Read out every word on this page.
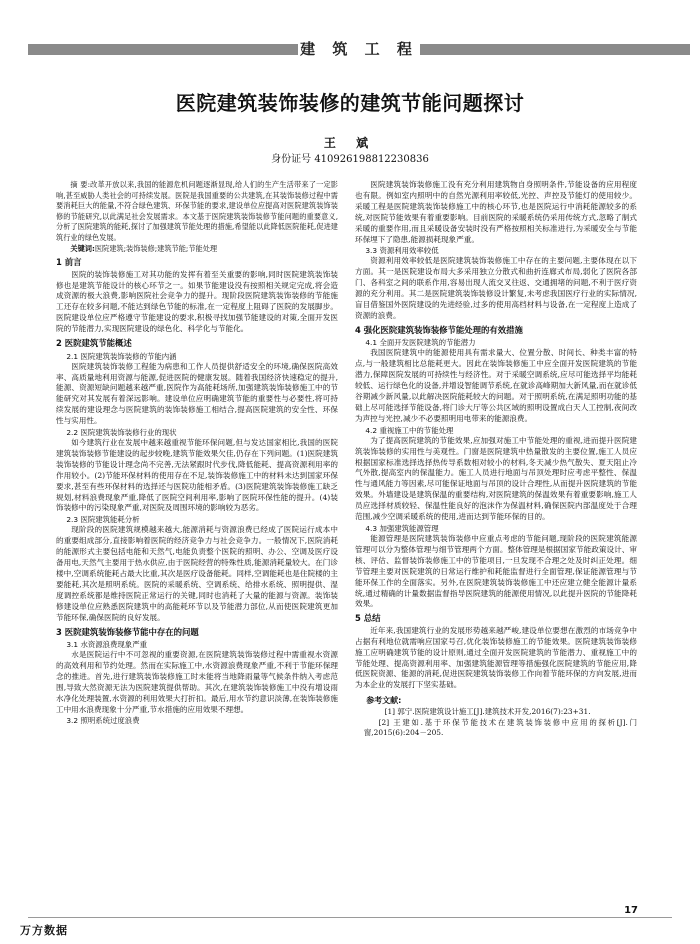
建 筑 工 程
医院建筑装饰装修的建筑节能问题探讨
王 斌
身份证号 410926198812230836

摘 要:改革开放以来,我国的能源危机问题逐渐显现,给人们的生产生活带来了一定影响,甚至威胁人类社会的可持续发展。医院是我国重要的公共建筑,在其装饰装修过程中需要消耗巨大的能量,不符合绿色建筑、环保节能的要求,建设单位应提高对医院建筑装饰装修的节能研究,以此满足社会发展需求。本文基于医院建筑装饰装修节能问题的重要意义,分析了医院建筑的能耗,探讨了加强建筑节能处理的措施,希望能以此降低医院能耗,促进建筑行业的绿色发展。

关键词:医院建筑;装饰装修;建筑节能;节能处理

1 前言

医院的装饰装修施工对其功能的发挥有着至关重要的影响,同时医院建筑装饰装修也是建筑节能设计的核心环节之一。如果节能建设没有按照相关规定完成,将会造成资源的极大浪费,影响医院社会竞争力的提升。现阶段医院建筑装饰装修的节能施工还存在较多问题,不能达到绿色节能的标准,在一定程度上阻碍了医院的发展脚步。医院建设单位应严格遵守节能建设的要求,积极寻找加强节能建设的对策,全面开发医院的节能潜力,实现医院建设的绿色化、科学化与节能化。

2 医院建筑节能概述
2.1 医院建筑装饰装修的节能内涵

医院建筑装饰装修工程能为病患和工作人员提供舒适安全的环境,确保医院高效率、高质量地利用资源与能源,促进医院的健康发展。随着我国经济快速稳定的提升,能源、资源短缺问题越来越严重,医院作为高能耗场所,加强建筑装饰装修施工中的节能研究对其发展有着深远影响。建设单位应明确建筑节能的重要性与必要性,将可持续发展的建设理念与医院建筑的装饰装修施工相结合,提高医院建筑的安全性、环保性与实用性。

2.2 医院建筑装饰装修行业的现状

如今建筑行业在发展中越来越重视节能环保问题,但与发达国家相比,我国的医院建筑装饰装修节能建设的起步较晚,建筑节能效果欠佳,仍存在下列问题。(1)医院建筑装饰装修的节能设计理念尚不完善,无法紧跟时代步伐,降低能耗、提高资源利用率的作用较小。(2)节能环保材料的使用存在不足,装饰装修施工中的材料未达到国家环保要求,甚至有些环保材料的选择还与医院功能相矛盾。(3)医院建筑装饰装修施工缺乏规划,材料浪费现象严重,降低了医院空间利用率,影响了医院环保性能的提升。(4)装饰装修中的污染现象严重,对医院及周围环境的影响较为恶劣。

2.3 医院建筑能耗分析

现阶段的医院建筑规模越来越大,能源消耗与资源浪费已经成了医院运行成本中的重要组成部分,直接影响着医院的经济竞争力与社会竞争力。一般情况下,医院消耗的能源形式主要包括电能和天然气,电能负责整个医院的照明、办公、空调及医疗设备用电,天然气主要用于热水供应,由于医院经营的特殊性质,能源消耗量较大。在门诊楼中,空调系统能耗占最大比重,其次是医疗设备能耗。同样,空调能耗也是住院楼的主要能耗,其次是照明系统。医院的采暖系统、空调系统、给排水系统、照明提供、湿度调控系统都是维持医院正常运行的关键,同时也消耗了大量的能源与资源。装饰装修建设单位应熟悉医院建筑中的高能耗环节以及节能潜力部位,从而使医院建筑更加节能环保,确保医院的良好发展。

3 医院建筑装饰装修节能中存在的问题
3.1 水资源浪费现象严重

水是医院运行中不可忽视的重要资源,在医院建筑装饰装修过程中需重视水资源的高效利用和节约处理。然而在实际施工中,水资源浪费现象严重,不利于节能环保理念的推进。首先,进行建筑装饰装修施工时未能将当地降雨量等气候条件纳入考虑范围,导致大然资源无法为医院建筑提供帮助。其次,在建筑装饰装修施工中没有增设雨水净化处理装置,水资源的利用效果大打折扣。最后,用水节约意识淡薄,在装饰装修施工中用水浪费现象十分严重,节水措施的应用效果不理想。

3.2 照明系统过度浪费

医院建筑装饰装修施工没有充分利用建筑物自身照明条件,节能设备的应用程度也有限。例如室内照明中的自然光源利用率较低,光控、声控及节能灯的使用较少。采暖工程是医院建筑装饰装修施工中的核心环节,也是医院运行中消耗能源较多的系统,对医院节能效果有着重要影响。目前医院的采暖系统仍采用传统方式,忽略了制式采暖的重要作用,而且采暖设备安装时没有严格按照相关标准进行,为采暖安全与节能环保埋下了隐患,能源损耗现象严重。

3.3 资源利用效率较低

资源利用效率较低是医院建筑装饰装修施工中存在的主要问题,主要体现在以下方面。其一是医院建设布局大多采用独立分散式和曲折连廊式布局,弱化了医院各部门、各科室之间的联系作用,容易出现人流交叉往返、交通拥堵的问题,不利于医疗资源的充分利用。其二是医院建筑装饰装修设计繁复,未考虑我国医疗行业的实际情况,盲目借鉴国外医院建设的先进经验,过多的使用高档材料与设备,在一定程度上造成了资源的浪费。

4 强化医院建筑装饰装修节能处理的有效措施
4.1 全面开发医院建筑的节能潜力

我国医院建筑中的能源使用具有需求量大、位置分散、时间长、种类丰富的特点,与一般建筑相比总能耗更大。因此在装饰装修施工中应全面开发医院建筑的节能潜力,保障医院发展的可持续性与经济性。对于采暖空调系统,应尽可能选择平均能耗较低、运行绿色化的设备,并增设智能调节系统,在就诊高峰期加大新风量,而在就诊低谷期减少新风量,以此解决医院能耗较大的问题。对于照明系统,在满足照明功能的基础上尽可能选择节能设备,将门诊大厅等公共区域的照明设置成白天人工控制,夜间改为声控与光控,减少不必要照明用电带来的能源浪费。

4.2 重视施工中的节能处理

为了提高医院建筑的节能效果,应加强对施工中节能处理的重视,进而提升医院建筑装饰装修的实用性与美观性。门窗是医院建筑中热量散发的主要位置,施工人员应根据国家标准选择选择热传导系数相对较小的材料,冬天减少热气散失、夏天阻止冷气外散,提高室内的保温能力。施工人员进行地面与吊顶处理时应考虑平整性、保温性与通风能力等因素,尽可能保证地面与吊顶的设计合理性,从而提升医院建筑的节能效果。外墙建设是建筑保温的重要结构,对医院建筑的保温效果有着重要影响,施工人员应选择材质较轻、保温性能良好的泡沫作为保温材料,确保医院内部温度处于合理范围,减少空调采暖系统的使用,进而达到节能环保的目的。

4.3 加强建筑能源管理

能源管理是医院建筑装饰装修中应重点考虑的节能问题,现阶段的医院建筑能源管理可以分为整体管理与细节管理两个方面。整体管理是根据国家节能政策设计、审核、评估、监督装饰装修施工中的节能项目,一旦发现不合理之处及时纠正处理。细节管理主要对医院建筑的日常运行维护和耗能监督进行全面管理,保证能源管理与节能环保工作的全面落实。另外,在医院建筑装饰装修施工中还应建立健全能源计量系统,通过精确的计量数据监督指导医院建筑的能源使用情况,以此提升医院的节能降耗效果。

5 总结

近年来,我国建筑行业的发展形势越来越严峻,建设单位要想在激烈的市场竞争中占据有利地位就需响应国家号召,优化装饰装修施工的节能效果。医院建筑装饰装修施工应明确建筑节能的设计原则,通过全面开发医院建筑的节能潜力、重视施工中的节能处理、提高资源利用率、加强建筑能源管理等措施强化医院建筑的节能应用,降低医院资源、能源的消耗,促进医院建筑装饰装修工作向着节能环保的方向发展,进而为本企业的发展打下坚实基础。

参考文献:

[1] 郭宁.医院建筑设计施工[J].建筑技术开发,2016(7):23+31.

[2] 王建如.基于环保节能技术在建筑装饰装修中应用的探析[J].门窗,2015(6):204－205.

17
万方数据
